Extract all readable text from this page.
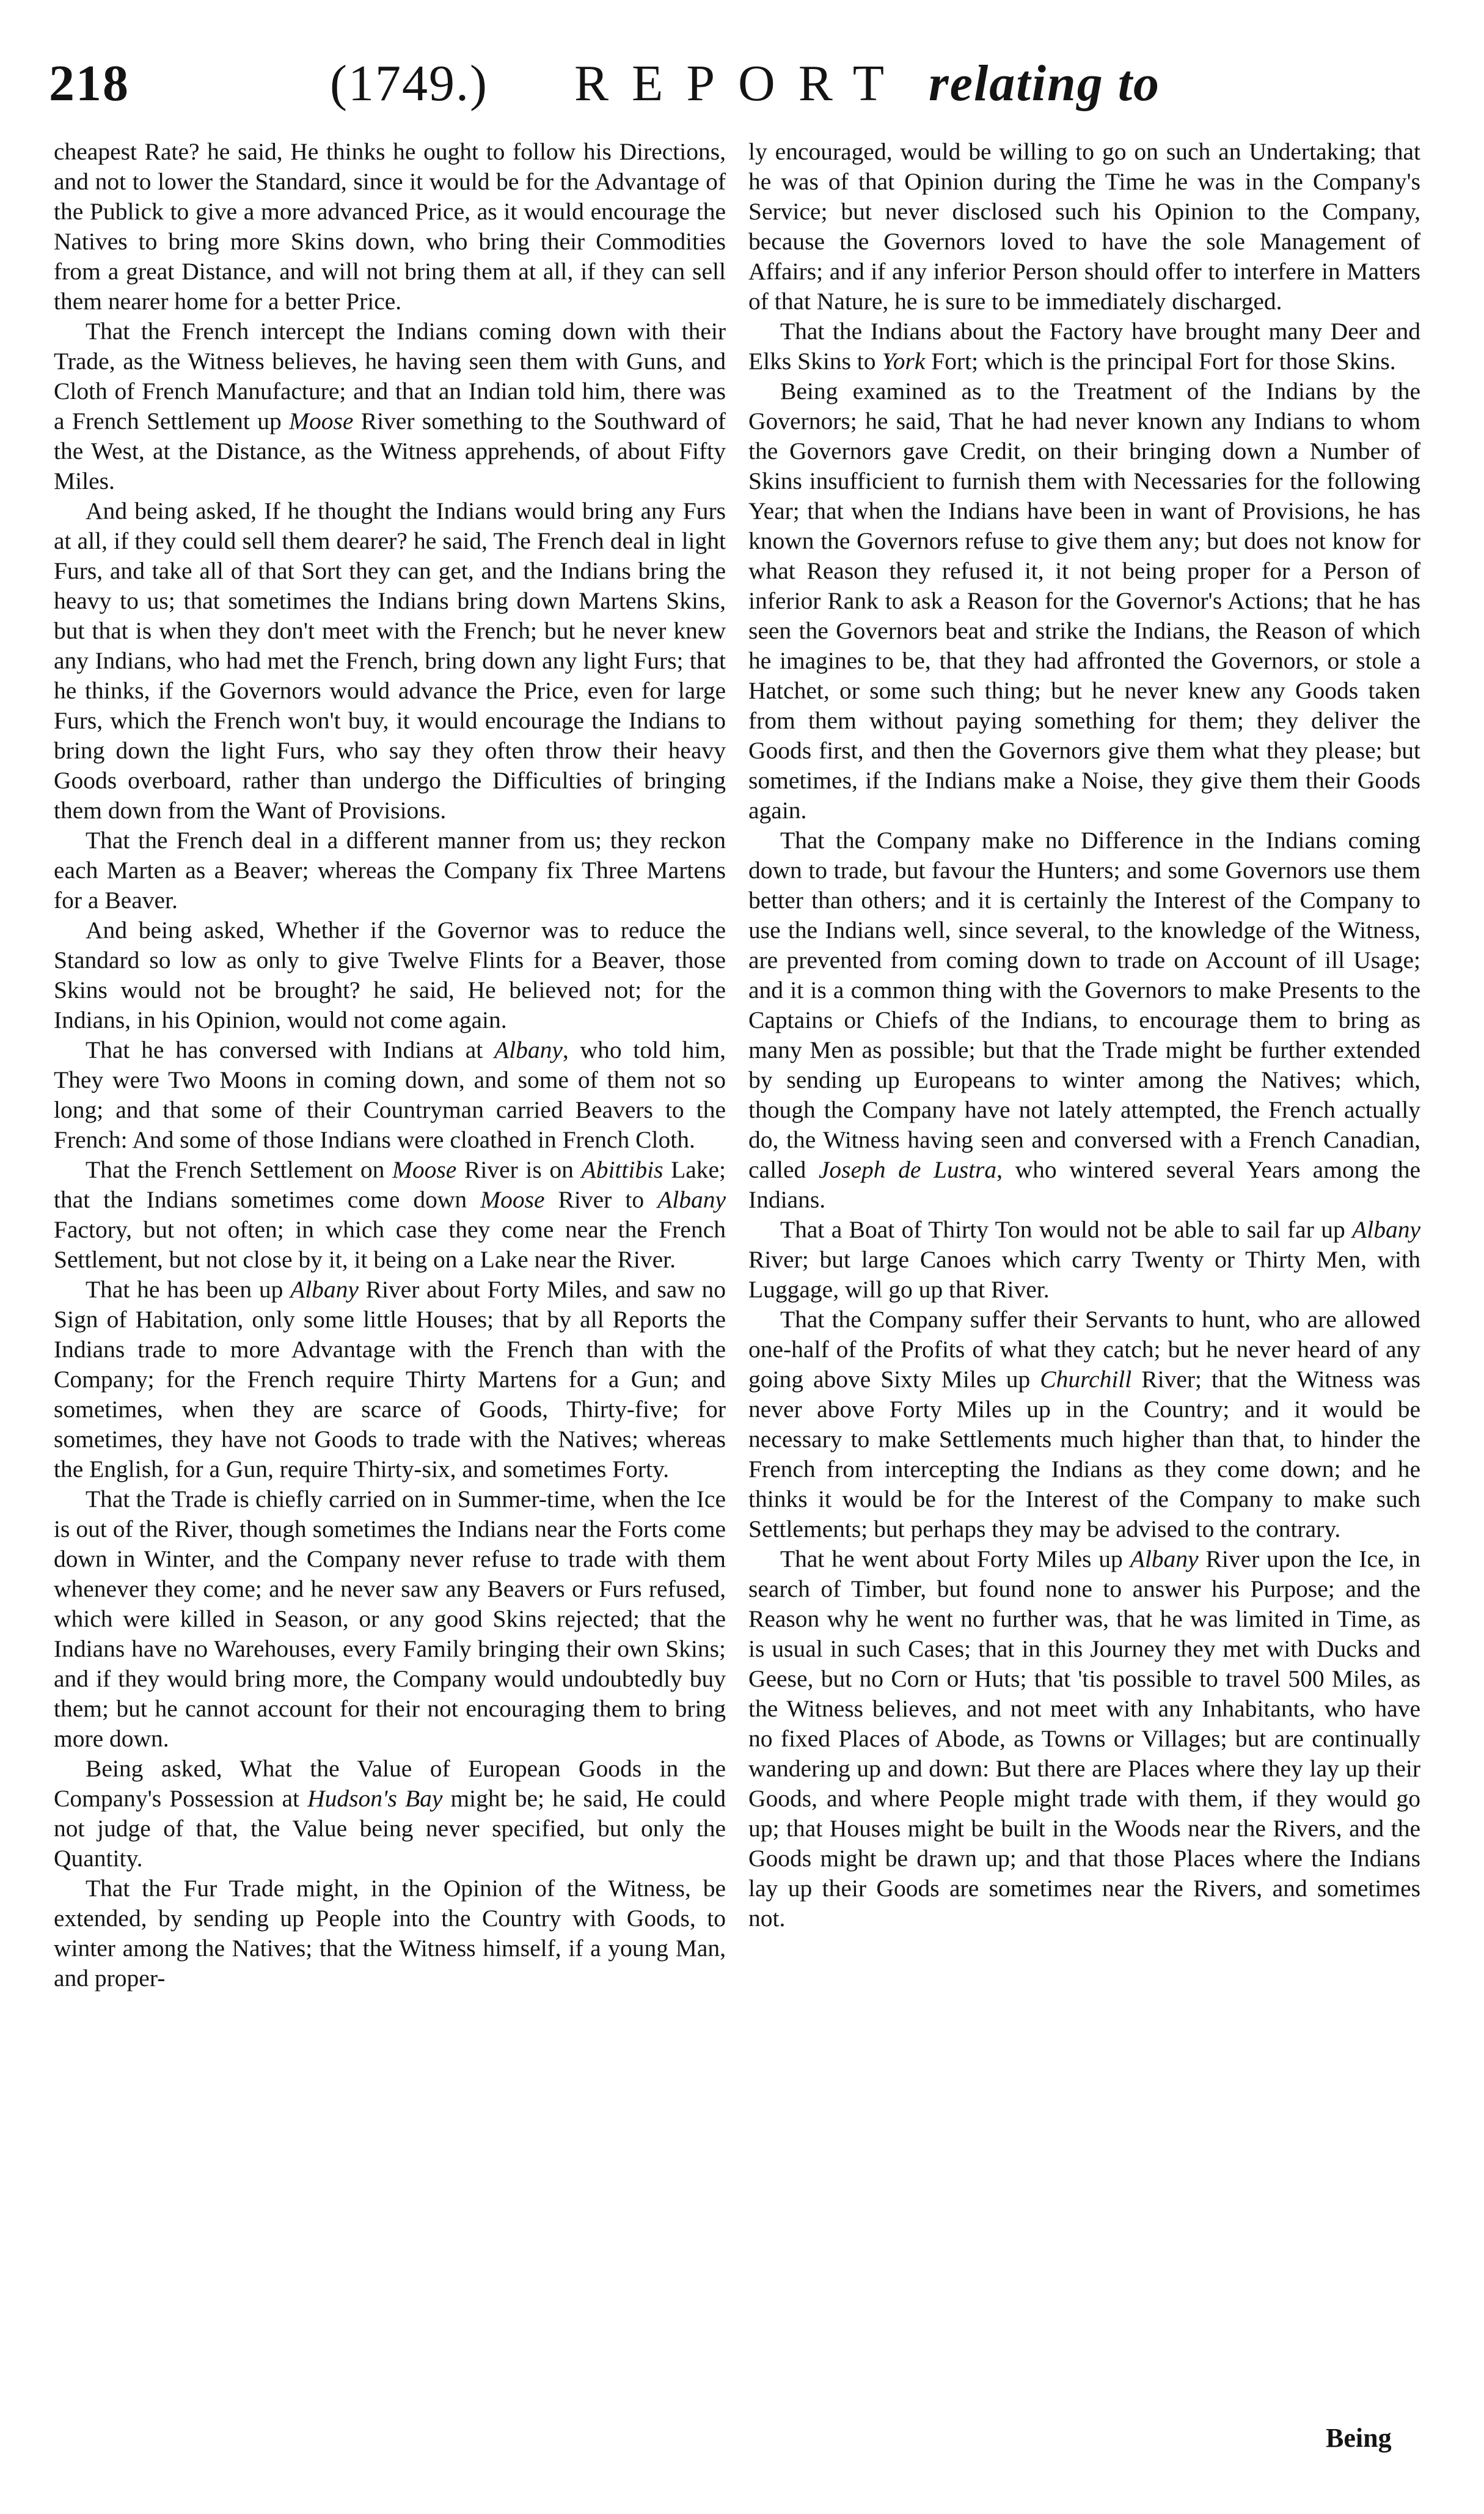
218	(1749.) REPORT relating to

cheapest Rate? he said, He thinks he ought to follow his Directions, and not to lower the Standard, since it would be for the Advantage of the Publick to give a more advanced Price, as it would encourage the Natives to bring more Skins down, who bring their Commodities from a great Distance, and will not bring them at all, if they can sell them nearer home for a better Price.

That the French intercept the Indians coming down with their Trade, as the Witness believes, he having seen them with Guns, and Cloth of French Manufacture; and that an Indian told him, there was a French Settlement up Moose River something to the Southward of the West, at the Distance, as the Witness apprehends, of about Fifty Miles.

And being asked, If he thought the Indians would bring any Furs at all, if they could sell them dearer? he said, The French deal in light Furs, and take all of that Sort they can get, and the Indians bring the heavy to us; that sometimes the Indians bring down Martens Skins, but that is when they don't meet with the French; but he never knew any Indians, who had met the French, bring down any light Furs; that he thinks, if the Governors would advance the Price, even for large Furs, which the French won't buy, it would encourage the Indians to bring down the light Furs, who say they often throw their heavy Goods overboard, rather than undergo the Difficulties of bringing them down from the Want of Provisions.

That the French deal in a different manner from us; they reckon each Marten as a Beaver; whereas the Company fix Three Martens for a Beaver.

And being asked, Whether if the Governor was to reduce the Standard so low as only to give Twelve Flints for a Beaver, those Skins would not be brought? he said, He believed not; for the Indians, in his Opinion, would not come again.

That he has conversed with Indians at Albany, who told him, They were Two Moons in coming down, and some of them not so long; and that some of their Countryman carried Beavers to the French: And some of those Indians were cloathed in French Cloth.

That the French Settlement on Moose River is on Abittibis Lake; that the Indians sometimes come down Moose River to Albany Factory, but not often; in which case they come near the French Settlement, but not close by it, it being on a Lake near the River.

That he has been up Albany River about Forty Miles, and saw no Sign of Habitation, only some little Houses; that by all Reports the Indians trade to more Advantage with the French than with the Company; for the French require Thirty Martens for a Gun; and sometimes, when they are scarce of Goods, Thirty-five; for sometimes, they have not Goods to trade with the Natives; whereas the English, for a Gun, require Thirty-six, and sometimes Forty.

That the Trade is chiefly carried on in Summer-time, when the Ice is out of the River, though sometimes the Indians near the Forts come down in Winter, and the Company never refuse to trade with them whenever they come; and he never saw any Beavers or Furs refused, which were killed in Season, or any good Skins rejected; that the Indians have no Warehouses, every Family bringing their own Skins; and if they would bring more, the Company would undoubtedly buy them; but he cannot account for their not encouraging them to bring more down.

Being asked, What the Value of European Goods in the Company's Possession at Hudson's Bay might be; he said, He could not judge of that, the Value being never specified, but only the Quantity.

That the Fur Trade might, in the Opinion of the Witness, be extended, by sending up People into the Country with Goods, to winter among the Natives; that the Witness himself, if a young Man, and proper-

ly encouraged, would be willing to go on such an Undertaking; that he was of that Opinion during the Time he was in the Company's Service; but never disclosed such his Opinion to the Company, because the Governors loved to have the sole Management of Affairs; and if any inferior Person should offer to interfere in Matters of that Nature, he is sure to be immediately discharged.

That the Indians about the Factory have brought many Deer and Elks Skins to York Fort; which is the principal Fort for those Skins.

Being examined as to the Treatment of the Indians by the Governors; he said, That he had never known any Indians to whom the Governors gave Credit, on their bringing down a Number of Skins insufficient to furnish them with Necessaries for the following Year; that when the Indians have been in want of Provisions, he has known the Governors refuse to give them any; but does not know for what Reason they refused it, it not being proper for a Person of inferior Rank to ask a Reason for the Governor's Actions; that he has seen the Governors beat and strike the Indians, the Reason of which he imagines to be, that they had affronted the Governors, or stole a Hatchet, or some such thing; but he never knew any Goods taken from them without paying something for them; they deliver the Goods first, and then the Governors give them what they please; but sometimes, if the Indians make a Noise, they give them their Goods again.

That the Company make no Difference in the Indians coming down to trade, but favour the Hunters; and some Governors use them better than others; and it is certainly the Interest of the Company to use the Indians well, since several, to the knowledge of the Witness, are prevented from coming down to trade on Account of ill Usage; and it is a common thing with the Governors to make Presents to the Captains or Chiefs of the Indians, to encourage them to bring as many Men as possible; but that the Trade might be further extended by sending up Europeans to winter among the Natives; which, though the Company have not lately attempted, the French actually do, the Witness having seen and conversed with a French Canadian, called Joseph de Lustra, who wintered several Years among the Indians.

That a Boat of Thirty Ton would not be able to sail far up Albany River; but large Canoes which carry Twenty or Thirty Men, with Luggage, will go up that River.

That the Company suffer their Servants to hunt, who are allowed one-half of the Profits of what they catch; but he never heard of any going above Sixty Miles up Churchill River; that the Witness was never above Forty Miles up in the Country; and it would be necessary to make Settlements much higher than that, to hinder the French from intercepting the Indians as they come down; and he thinks it would be for the Interest of the Company to make such Settlements; but perhaps they may be advised to the contrary.

That he went about Forty Miles up Albany River upon the Ice, in search of Timber, but found none to answer his Purpose; and the Reason why he went no further was, that he was limited in Time, as is usual in such Cases; that in this Journey they met with Ducks and Geese, but no Corn or Huts; that 'tis possible to travel 500 Miles, as the Witness believes, and not meet with any Inhabitants, who have no fixed Places of Abode, as Towns or Villages; but are continually wandering up and down: But there are Places where they lay up their Goods, and where People might trade with them, if they would go up; that Houses might be built in the Woods near the Rivers, and the Goods might be drawn up; and that those Places where the Indians lay up their Goods are sometimes near the Rivers, and sometimes not.

Being
